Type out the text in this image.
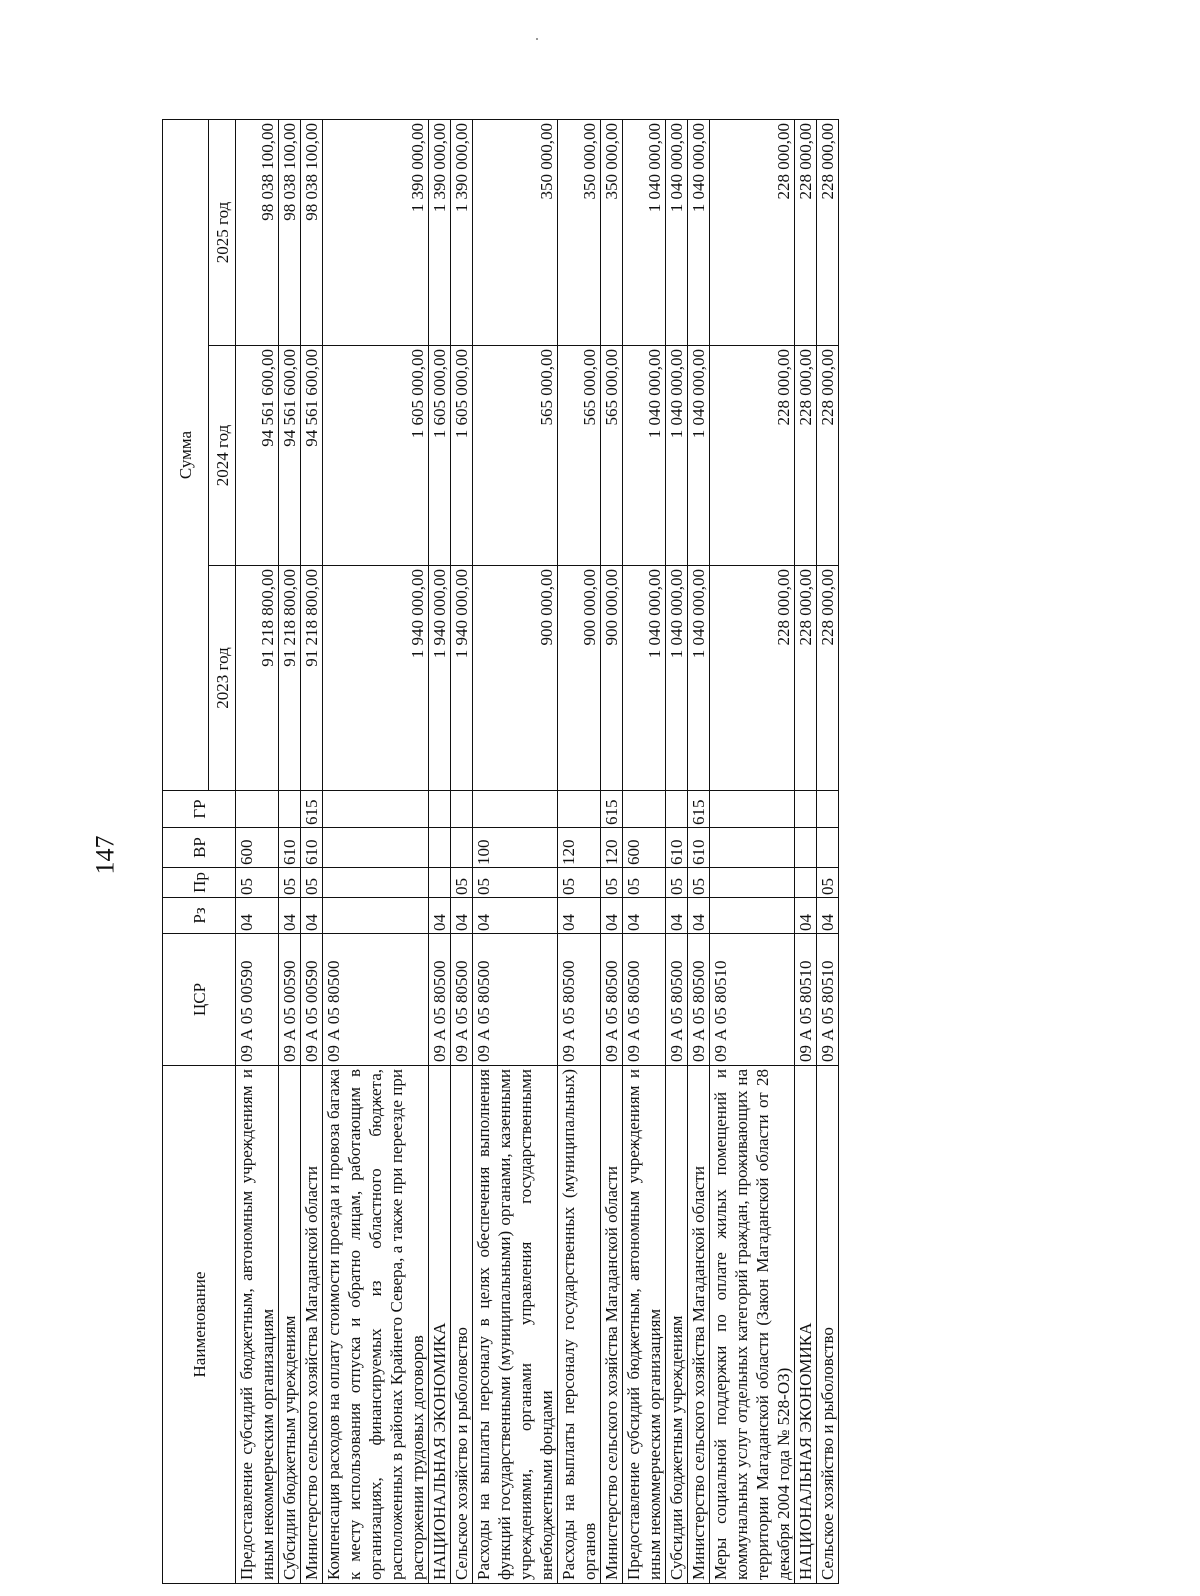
147
Наименование	ЦСР	Рз	Пр	ВР	ГР	Сумма		
						2023 год	2024 год	2025 год
Предоставление субсидий бюджетным, автономным учреждениям и иным некоммерческим организациям	09 А 05 00590	04	05	600		91 218 800,00	94 561 600,00	98 038 100,00
Субсидии бюджетным учреждениям	09 А 05 00590	04	05	610		91 218 800,00	94 561 600,00	98 038 100,00
Министерство сельского хозяйства Магаданской области	09 А 05 00590	04	05	610	615	91 218 800,00	94 561 600,00	98 038 100,00
Компенсация расходов на оплату стоимости проезда и провоза багажа к месту использования отпуска и обратно лицам, работающим в организациях, финансируемых из областного бюджета, расположенных в районах Крайнего Севера, а также при переезде при расторжении трудовых договоров	09 А 05 80500					1 940 000,00	1 605 000,00	1 390 000,00
НАЦИОНАЛЬНАЯ ЭКОНОМИКА	09 А 05 80500	04				1 940 000,00	1 605 000,00	1 390 000,00
Сельское хозяйство и рыболовство	09 А 05 80500	04	05			1 940 000,00	1 605 000,00	1 390 000,00
Расходы на выплаты персоналу в целях обеспечения выполнения функций государственными (муниципальными) органами, казенными учреждениями, органами управления государственными внебюджетными фондами	09 А 05 80500	04	05	100		900 000,00	565 000,00	350 000,00
Расходы на выплаты персоналу государственных (муниципальных) органов	09 А 05 80500	04	05	120		900 000,00	565 000,00	350 000,00
Министерство сельского хозяйства Магаданской области	09 А 05 80500	04	05	120	615	900 000,00	565 000,00	350 000,00
Предоставление субсидий бюджетным, автономным учреждениям и иным некоммерческим организациям	09 А 05 80500	04	05	600		1 040 000,00	1 040 000,00	1 040 000,00
Субсидии бюджетным учреждениям	09 А 05 80500	04	05	610		1 040 000,00	1 040 000,00	1 040 000,00
Министерство сельского хозяйства Магаданской области	09 А 05 80500	04	05	610	615	1 040 000,00	1 040 000,00	1 040 000,00
Меры социальной поддержки по оплате жилых помещений и коммунальных услуг отдельных категорий граждан, проживающих на территории Магаданской области (Закон Магаданской области от 28 декабря 2004 года № 528-ОЗ)	09 А 05 80510					228 000,00	228 000,00	228 000,00
НАЦИОНАЛЬНАЯ ЭКОНОМИКА	09 А 05 80510	04				228 000,00	228 000,00	228 000,00
Сельское хозяйство и рыболовство	09 А 05 80510	04	05			228 000,00	228 000,00	228 000,00
